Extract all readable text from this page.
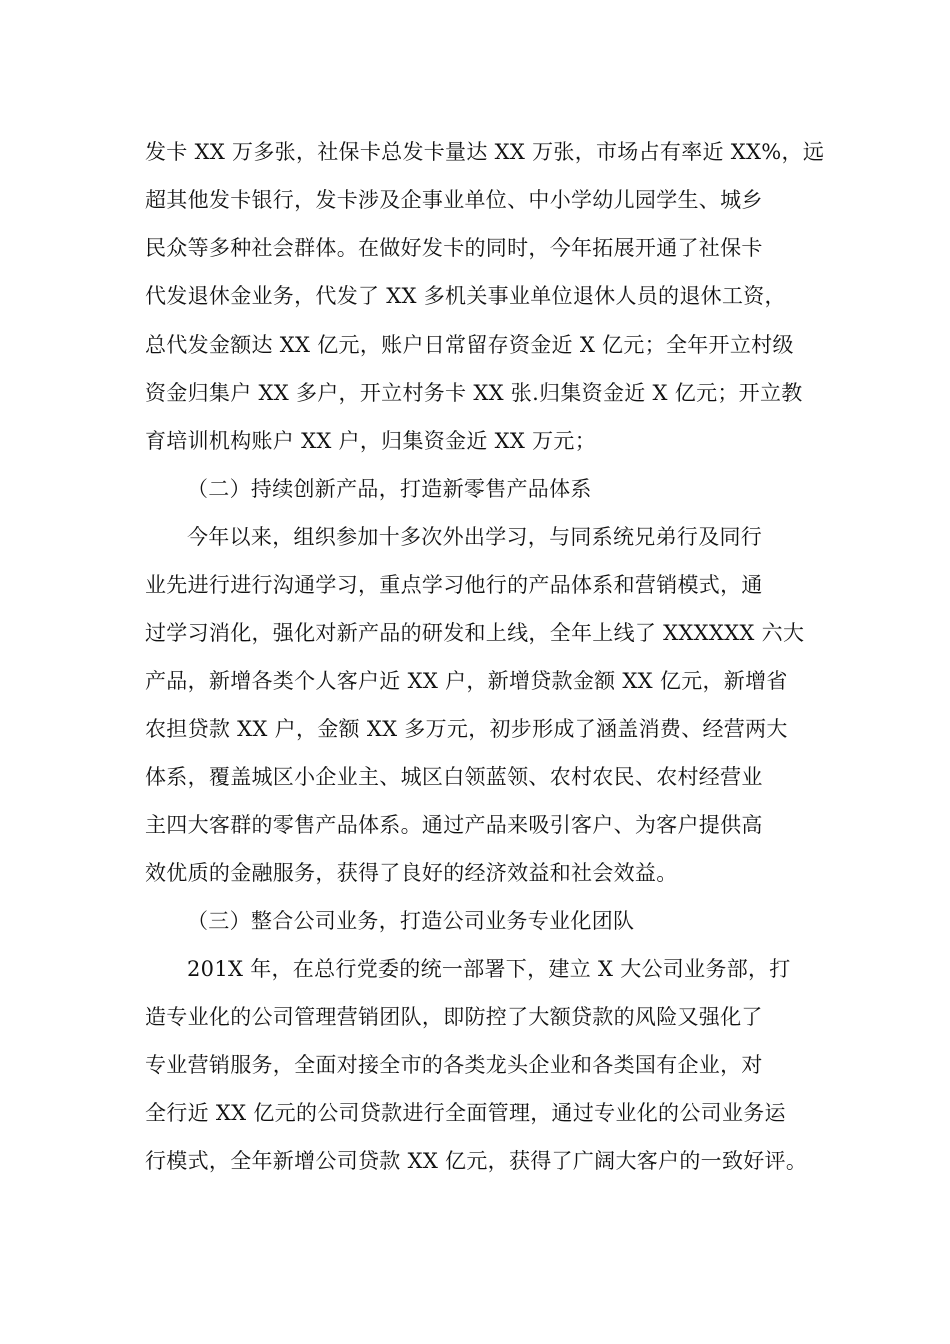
发卡 XX 万多张，社保卡总发卡量达 XX 万张，市场占有率近 XX%，远
超其他发卡银行，发卡涉及企事业单位、中小学幼儿园学生、城乡
民众等多种社会群体。在做好发卡的同时，今年拓展开通了社保卡
代发退休金业务，代发了 XX 多机关事业单位退休人员的退休工资，
总代发金额达 XX 亿元，账户日常留存资金近 X 亿元；全年开立村级
资金归集户 XX 多户，开立村务卡 XX 张.归集资金近 X 亿元；开立教
育培训机构账户 XX 户，归集资金近 XX 万元；
（二）持续创新产品，打造新零售产品体系
今年以来，组织参加十多次外出学习，与同系统兄弟行及同行
业先进行进行沟通学习，重点学习他行的产品体系和营销模式，通
过学习消化，强化对新产品的研发和上线，全年上线了 XXXXXX 六大
产品，新增各类个人客户近 XX 户，新增贷款金额 XX 亿元，新增省
农担贷款 XX 户，金额 XX 多万元，初步形成了涵盖消费、经营两大
体系，覆盖城区小企业主、城区白领蓝领、农村农民、农村经营业
主四大客群的零售产品体系。通过产品来吸引客户、为客户提供高
效优质的金融服务，获得了良好的经济效益和社会效益。
（三）整合公司业务，打造公司业务专业化团队
201X 年，在总行党委的统一部署下，建立 X 大公司业务部，打
造专业化的公司管理营销团队，即防控了大额贷款的风险又强化了
专业营销服务，全面对接全市的各类龙头企业和各类国有企业，对
全行近 XX 亿元的公司贷款进行全面管理，通过专业化的公司业务运
行模式，全年新增公司贷款 XX 亿元，获得了广阔大客户的一致好评。
